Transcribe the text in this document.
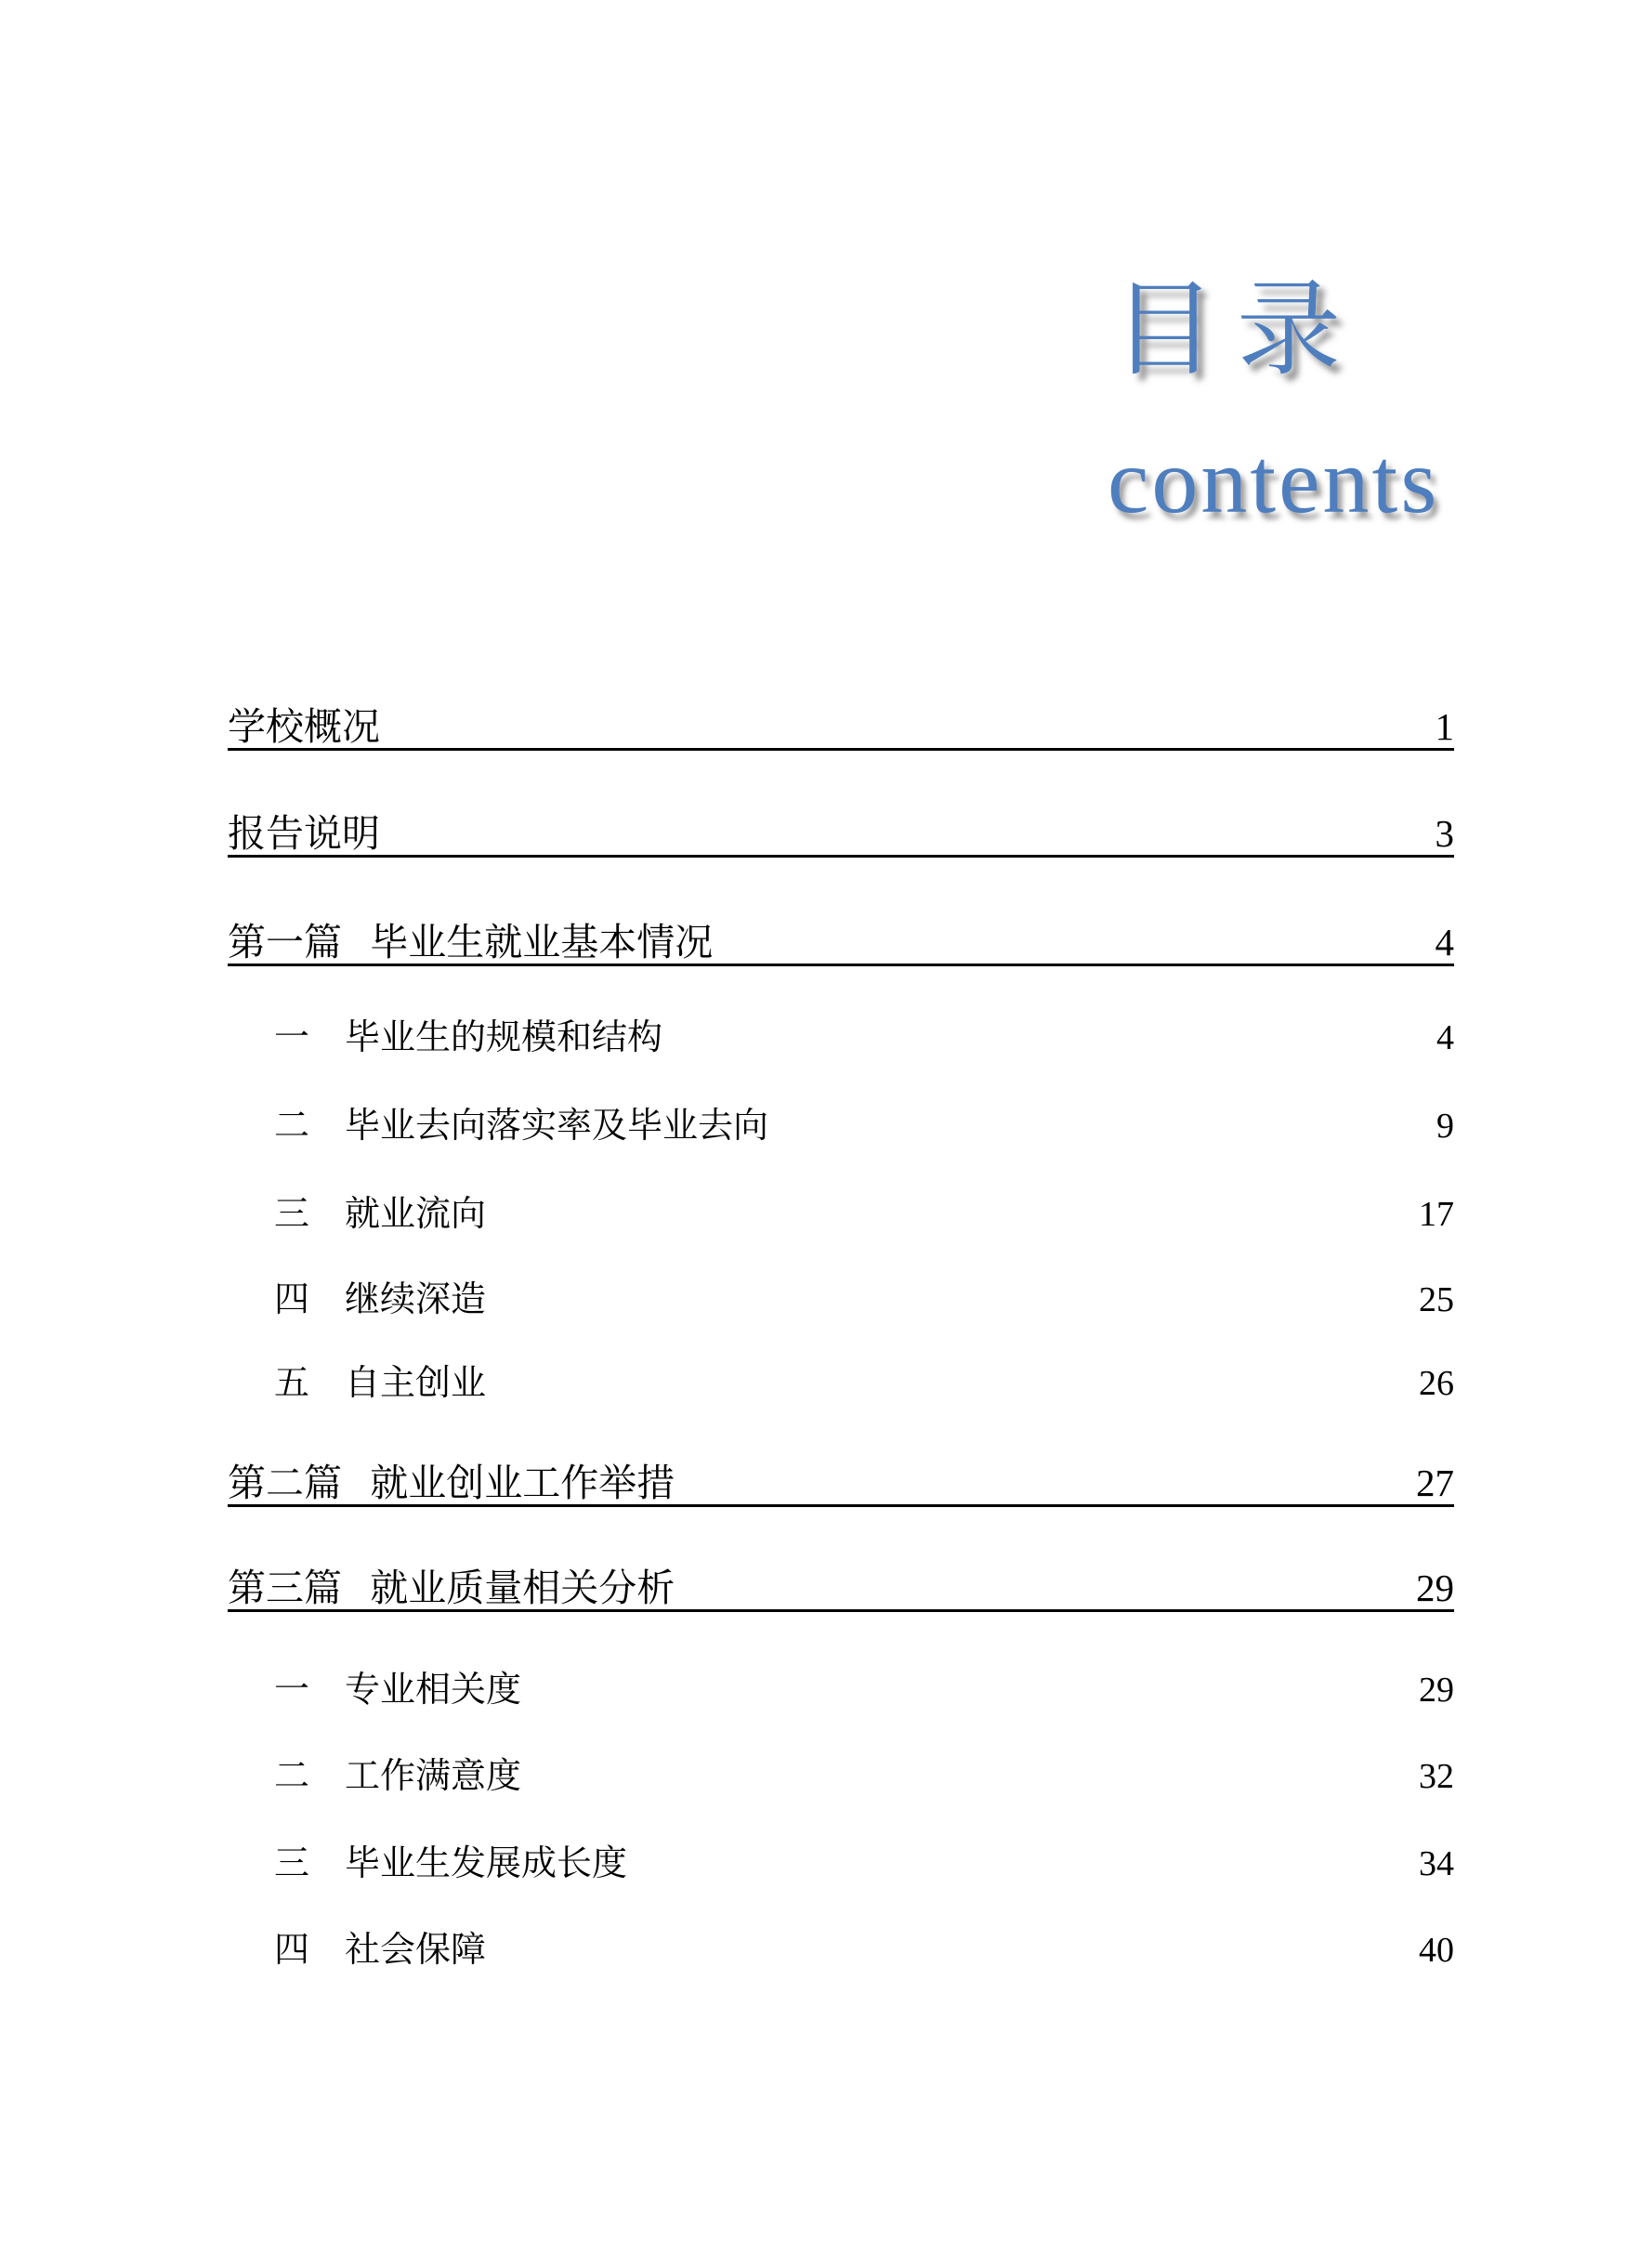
目录
contents
学校概况	1
报告说明	3
第一篇 毕业生就业基本情况	4
一 毕业生的规模和结构	4
二 毕业去向落实率及毕业去向	9
三 就业流向	17
四 继续深造	25
五 自主创业	26
第二篇 就业创业工作举措	27
第三篇 就业质量相关分析	29
一 专业相关度	29
二 工作满意度	32
三 毕业生发展成长度	34
四 社会保障	40
